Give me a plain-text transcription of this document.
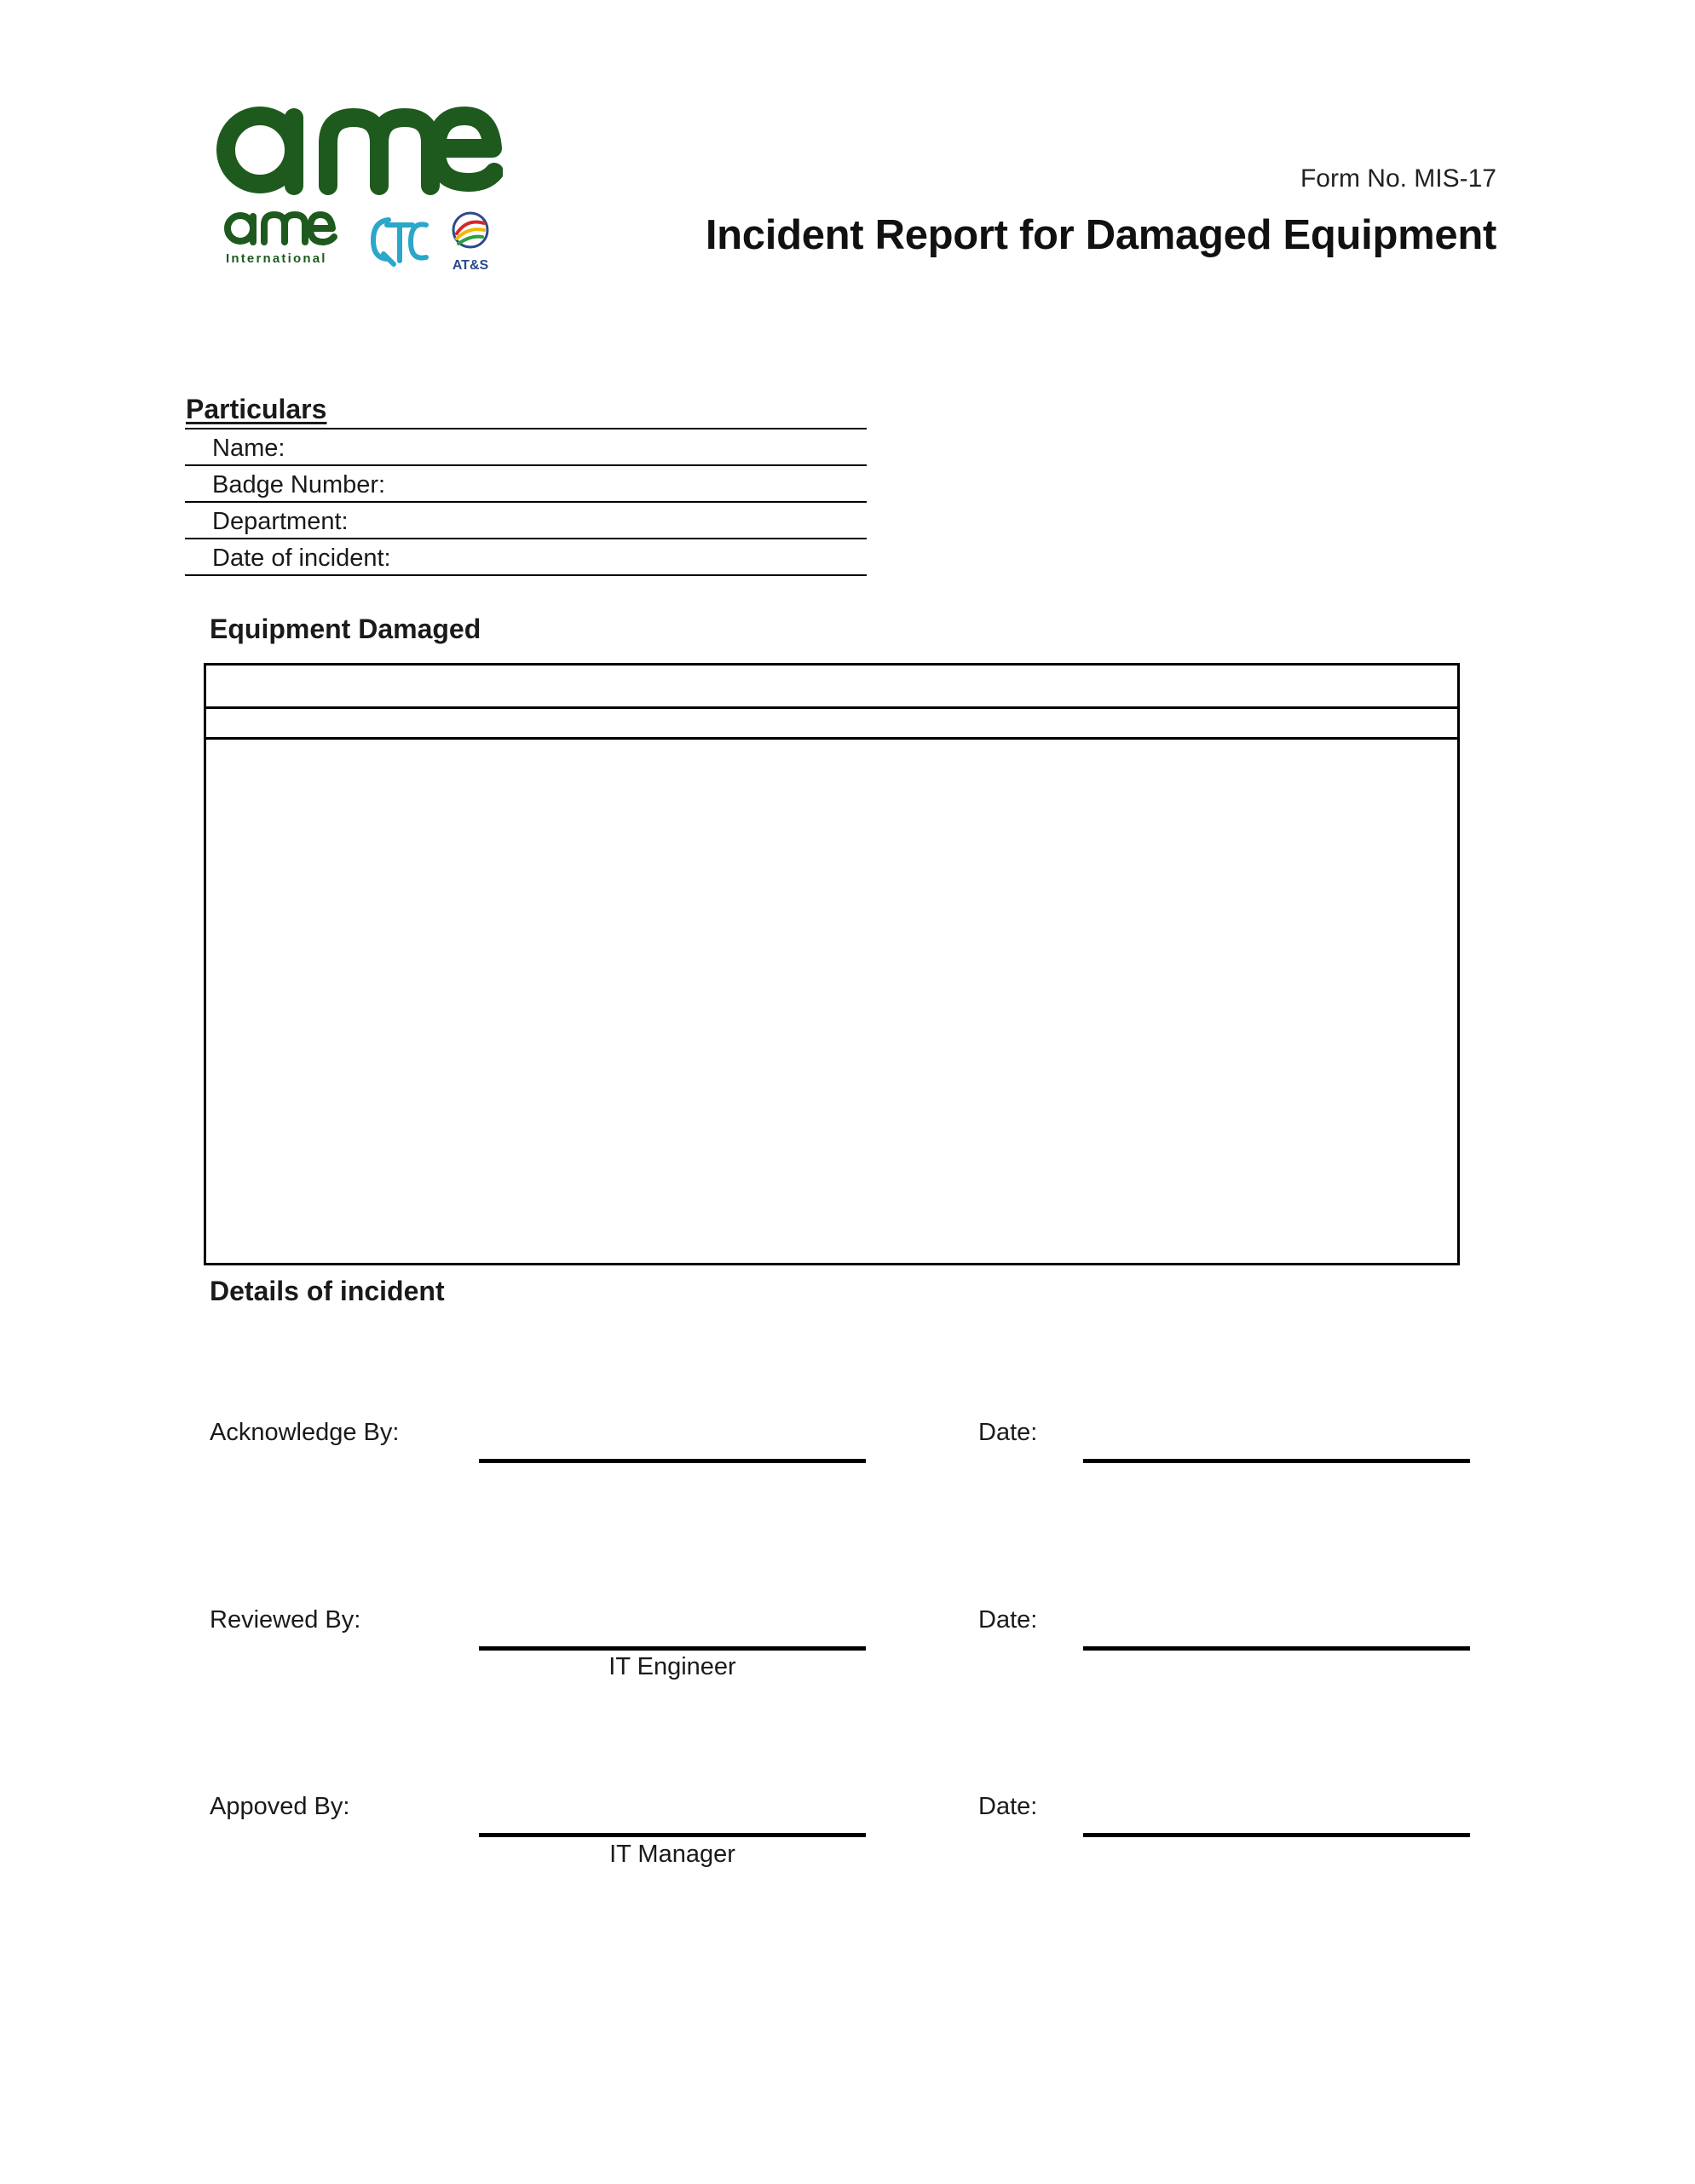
International	AT&S
Form No. MIS-17
Incident Report for Damaged Equipment
Particulars
Name:
Badge Number:
Department:
Date of incident:
Equipment Damaged
Details of incident
Acknowledge By:	Date:
Reviewed By:
IT Engineer
Date:
Appoved By:
IT Manager
Date:
